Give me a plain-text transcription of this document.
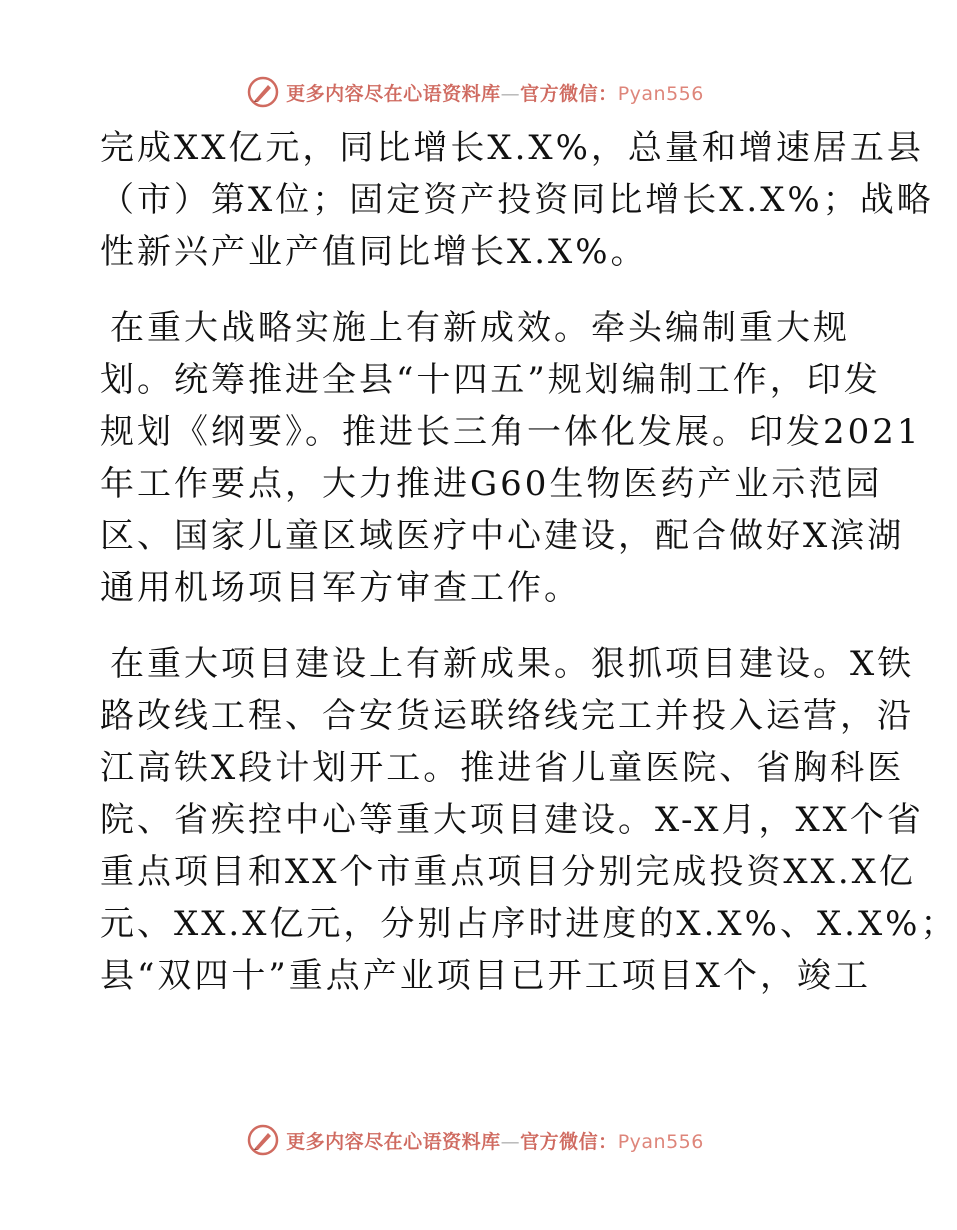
更多内容尽在心语资料库—官方微信：Pyan556
完成XX亿元，同比增长X.X%，总量和增速居五县
（市）第X位；固定资产投资同比增长X.X%；战略
性新兴产业产值同比增长X.X%。
在重大战略实施上有新成效。牵头编制重大规
划。统筹推进全县“十四五”规划编制工作，印发
规划《纲要》。推进长三角一体化发展。印发2021
年工作要点，大力推进G60生物医药产业示范园
区、国家儿童区域医疗中心建设，配合做好X滨湖
通用机场项目军方审查工作。
在重大项目建设上有新成果。狠抓项目建设。X铁
路改线工程、合安货运联络线完工并投入运营，沿
江高铁X段计划开工。推进省儿童医院、省胸科医
院、省疾控中心等重大项目建设。X-X月，XX个省
重点项目和XX个市重点项目分别完成投资XX.X亿
元、XX.X亿元，分别占序时进度的X.X%、X.X%；
县“双四十”重点产业项目已开工项目X个，竣工
更多内容尽在心语资料库—官方微信：Pyan556
